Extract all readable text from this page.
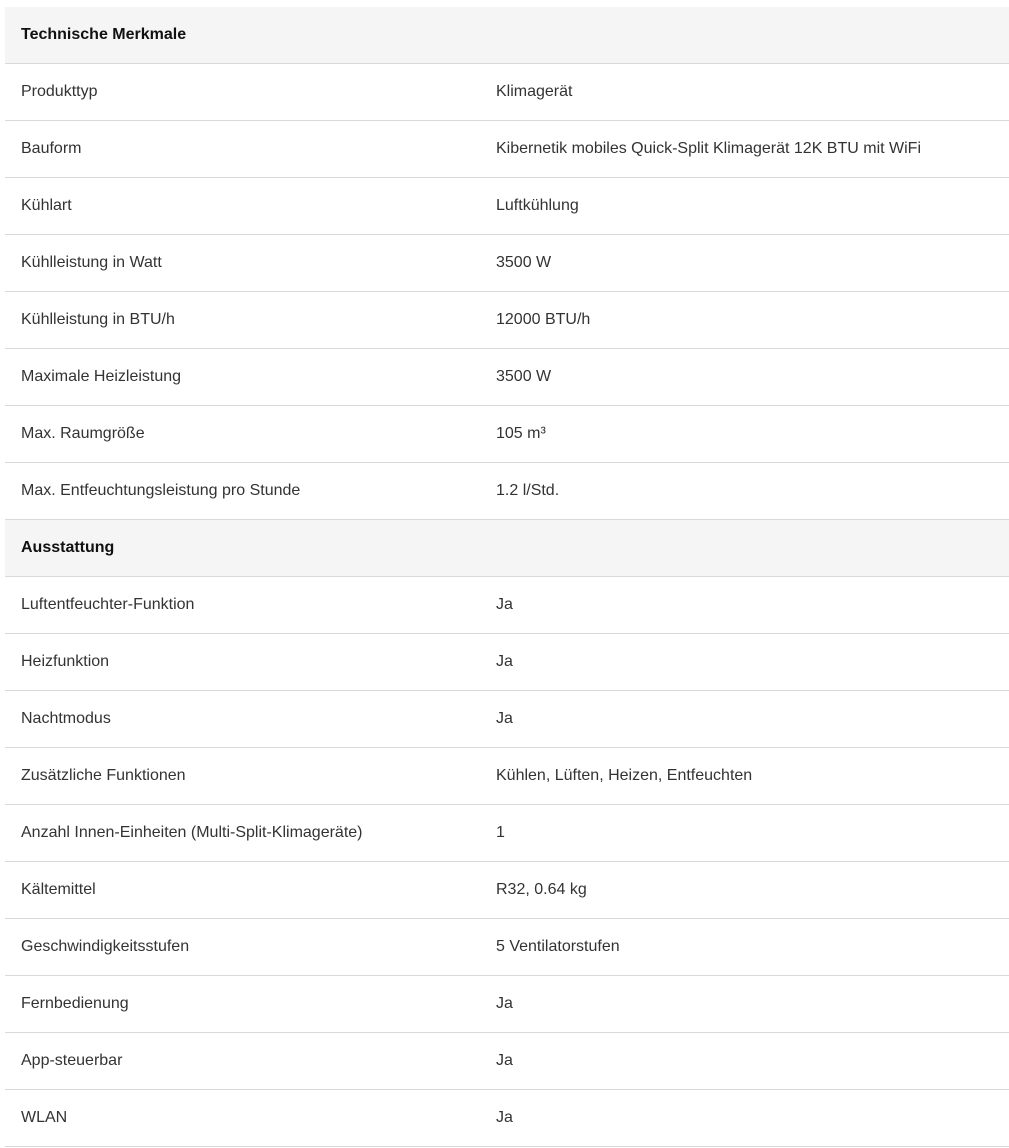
Technische Merkmale
Produkttyp	Klimagerät
Bauform	Kibernetik mobiles Quick-Split Klimagerät 12K BTU mit WiFi
Kühlart	Luftkühlung
Kühlleistung in Watt	3500 W
Kühlleistung in BTU/h	12000 BTU/h
Maximale Heizleistung	3500 W
Max. Raumgröße	105 m³
Max. Entfeuchtungsleistung pro Stunde	1.2 l/Std.
Ausstattung
Luftentfeuchter-Funktion	Ja
Heizfunktion	Ja
Nachtmodus	Ja
Zusätzliche Funktionen	Kühlen, Lüften, Heizen, Entfeuchten
Anzahl Innen-Einheiten (Multi-Split-Klimageräte)	1
Kältemittel	R32, 0.64 kg
Geschwindigkeitsstufen	5 Ventilatorstufen
Fernbedienung	Ja
App-steuerbar	Ja
WLAN	Ja
